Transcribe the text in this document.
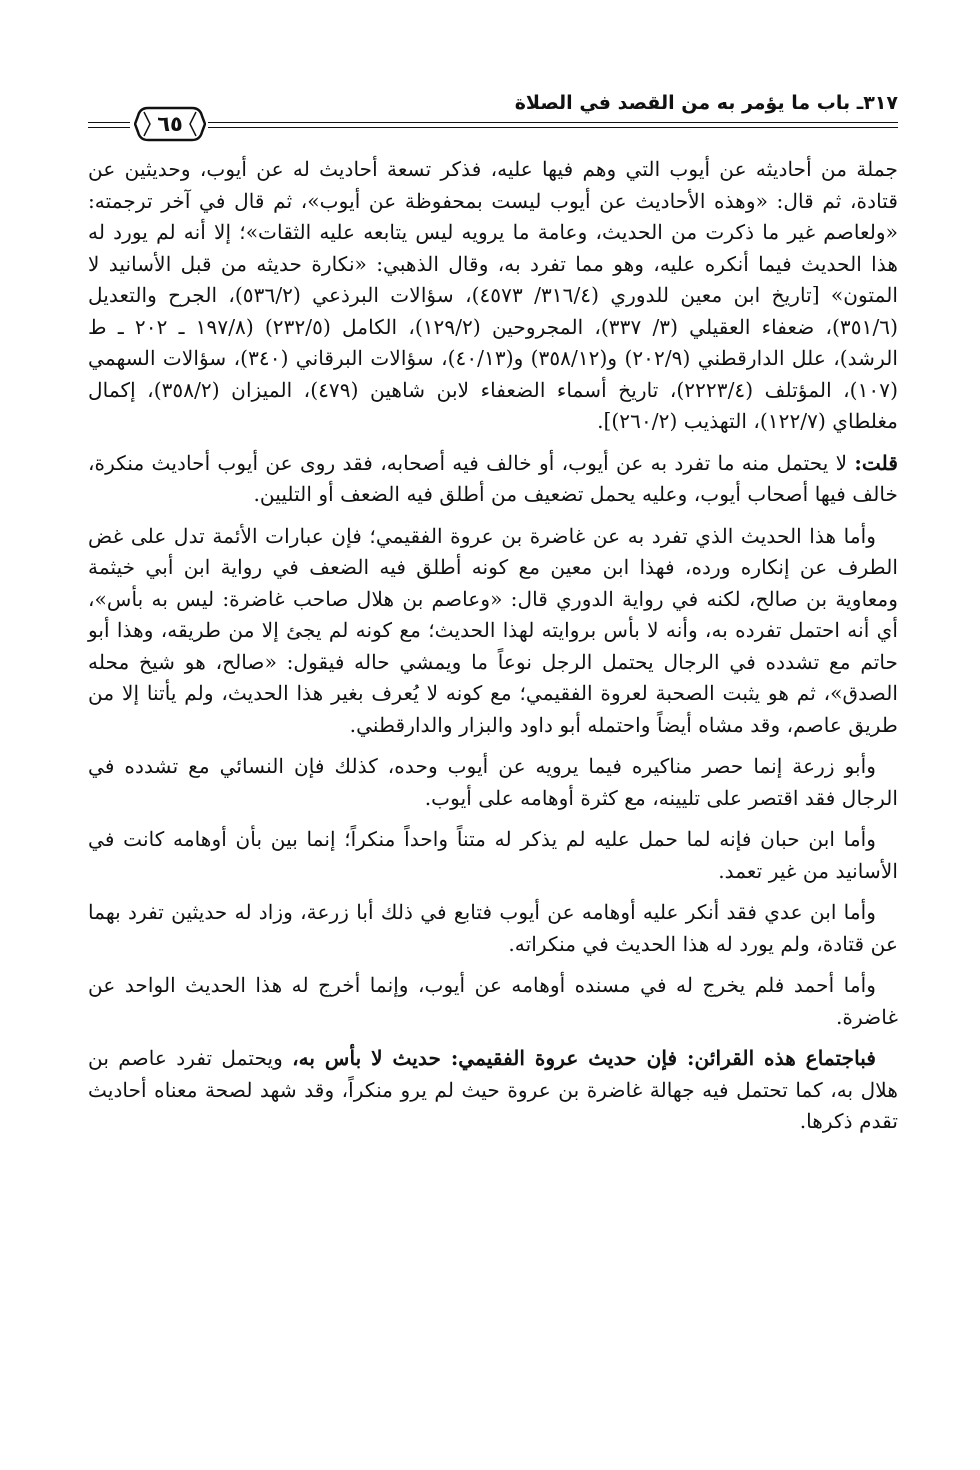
٣١٧ـ باب ما يؤمر به من القصد في الصلاة
٦٥

جملة من أحاديثه عن أيوب التي وهم فيها عليه، فذكر تسعة أحاديث له عن أيوب، وحديثين عن قتادة، ثم قال: «وهذه الأحاديث عن أيوب ليست بمحفوظة عن أيوب»، ثم قال في آخر ترجمته: «ولعاصم غير ما ذكرت من الحديث، وعامة ما يرويه ليس يتابعه عليه الثقات»؛ إلا أنه لم يورد له هذا الحديث فيما أنكره عليه، وهو مما تفرد به، وقال الذهبي: «نكارة حديثه من قبل الأسانيد لا المتون» [تاريخ ابن معين للدوري (٣١٦/٤/ ٤٥٧٣)، سؤالات البرذعي (٥٣٦/٢)، الجرح والتعديل (٣٥١/٦)، ضعفاء العقيلي (٣/ ٣٣٧)، المجروحين (١٢٩/٢)، الكامل (٢٣٢/٥) (١٩٧/٨ ـ ٢٠٢ ـ ط الرشد)، علل الدارقطني (٢٠٢/٩) و(٣٥٨/١٢) و(٤٠/١٣)، سؤالات البرقاني (٣٤٠)، سؤالات السهمي (١٠٧)، المؤتلف (٢٢٢٣/٤)، تاريخ أسماء الضعفاء لابن شاهين (٤٧٩)، الميزان (٣٥٨/٢)، إكمال مغلطاي (١٢٢/٧)، التهذيب (٢٦٠/٢)].

قلت: لا يحتمل منه ما تفرد به عن أيوب، أو خالف فيه أصحابه، فقد روى عن أيوب أحاديث منكرة، خالف فيها أصحاب أيوب، وعليه يحمل تضعيف من أطلق فيه الضعف أو التليين.

وأما هذا الحديث الذي تفرد به عن غاضرة بن عروة الفقيمي؛ فإن عبارات الأئمة تدل على غض الطرف عن إنكاره ورده، فهذا ابن معين مع كونه أطلق فيه الضعف في رواية ابن أبي خيثمة ومعاوية بن صالح، لكنه في رواية الدوري قال: «وعاصم بن هلال صاحب غاضرة: ليس به بأس»، أي أنه احتمل تفرده به، وأنه لا بأس بروايته لهذا الحديث؛ مع كونه لم يجئ إلا من طريقه، وهذا أبو حاتم مع تشدده في الرجال يحتمل الرجل نوعاً ما ويمشي حاله فيقول: «صالح، هو شيخ محله الصدق»، ثم هو يثبت الصحبة لعروة الفقيمي؛ مع كونه لا يُعرف بغير هذا الحديث، ولم يأتنا إلا من طريق عاصم، وقد مشاه أيضاً واحتمله أبو داود والبزار والدارقطني.

وأبو زرعة إنما حصر مناكيره فيما يرويه عن أيوب وحده، كذلك فإن النسائي مع تشدده في الرجال فقد اقتصر على تليينه، مع كثرة أوهامه على أيوب.

وأما ابن حبان فإنه لما حمل عليه لم يذكر له متناً واحداً منكراً؛ إنما بين بأن أوهامه كانت في الأسانيد من غير تعمد.

وأما ابن عدي فقد أنكر عليه أوهامه عن أيوب فتابع في ذلك أبا زرعة، وزاد له حديثين تفرد بهما عن قتادة، ولم يورد له هذا الحديث في منكراته.

وأما أحمد فلم يخرج له في مسنده أوهامه عن أيوب، وإنما أخرج له هذا الحديث الواحد عن غاضرة.

فباجتماع هذه القرائن: فإن حديث عروة الفقيمي: حديث لا بأس به، ويحتمل تفرد عاصم بن هلال به، كما تحتمل فيه جهالة غاضرة بن عروة حيث لم يرو منكراً، وقد شهد لصحة معناه أحاديث تقدم ذكرها.
